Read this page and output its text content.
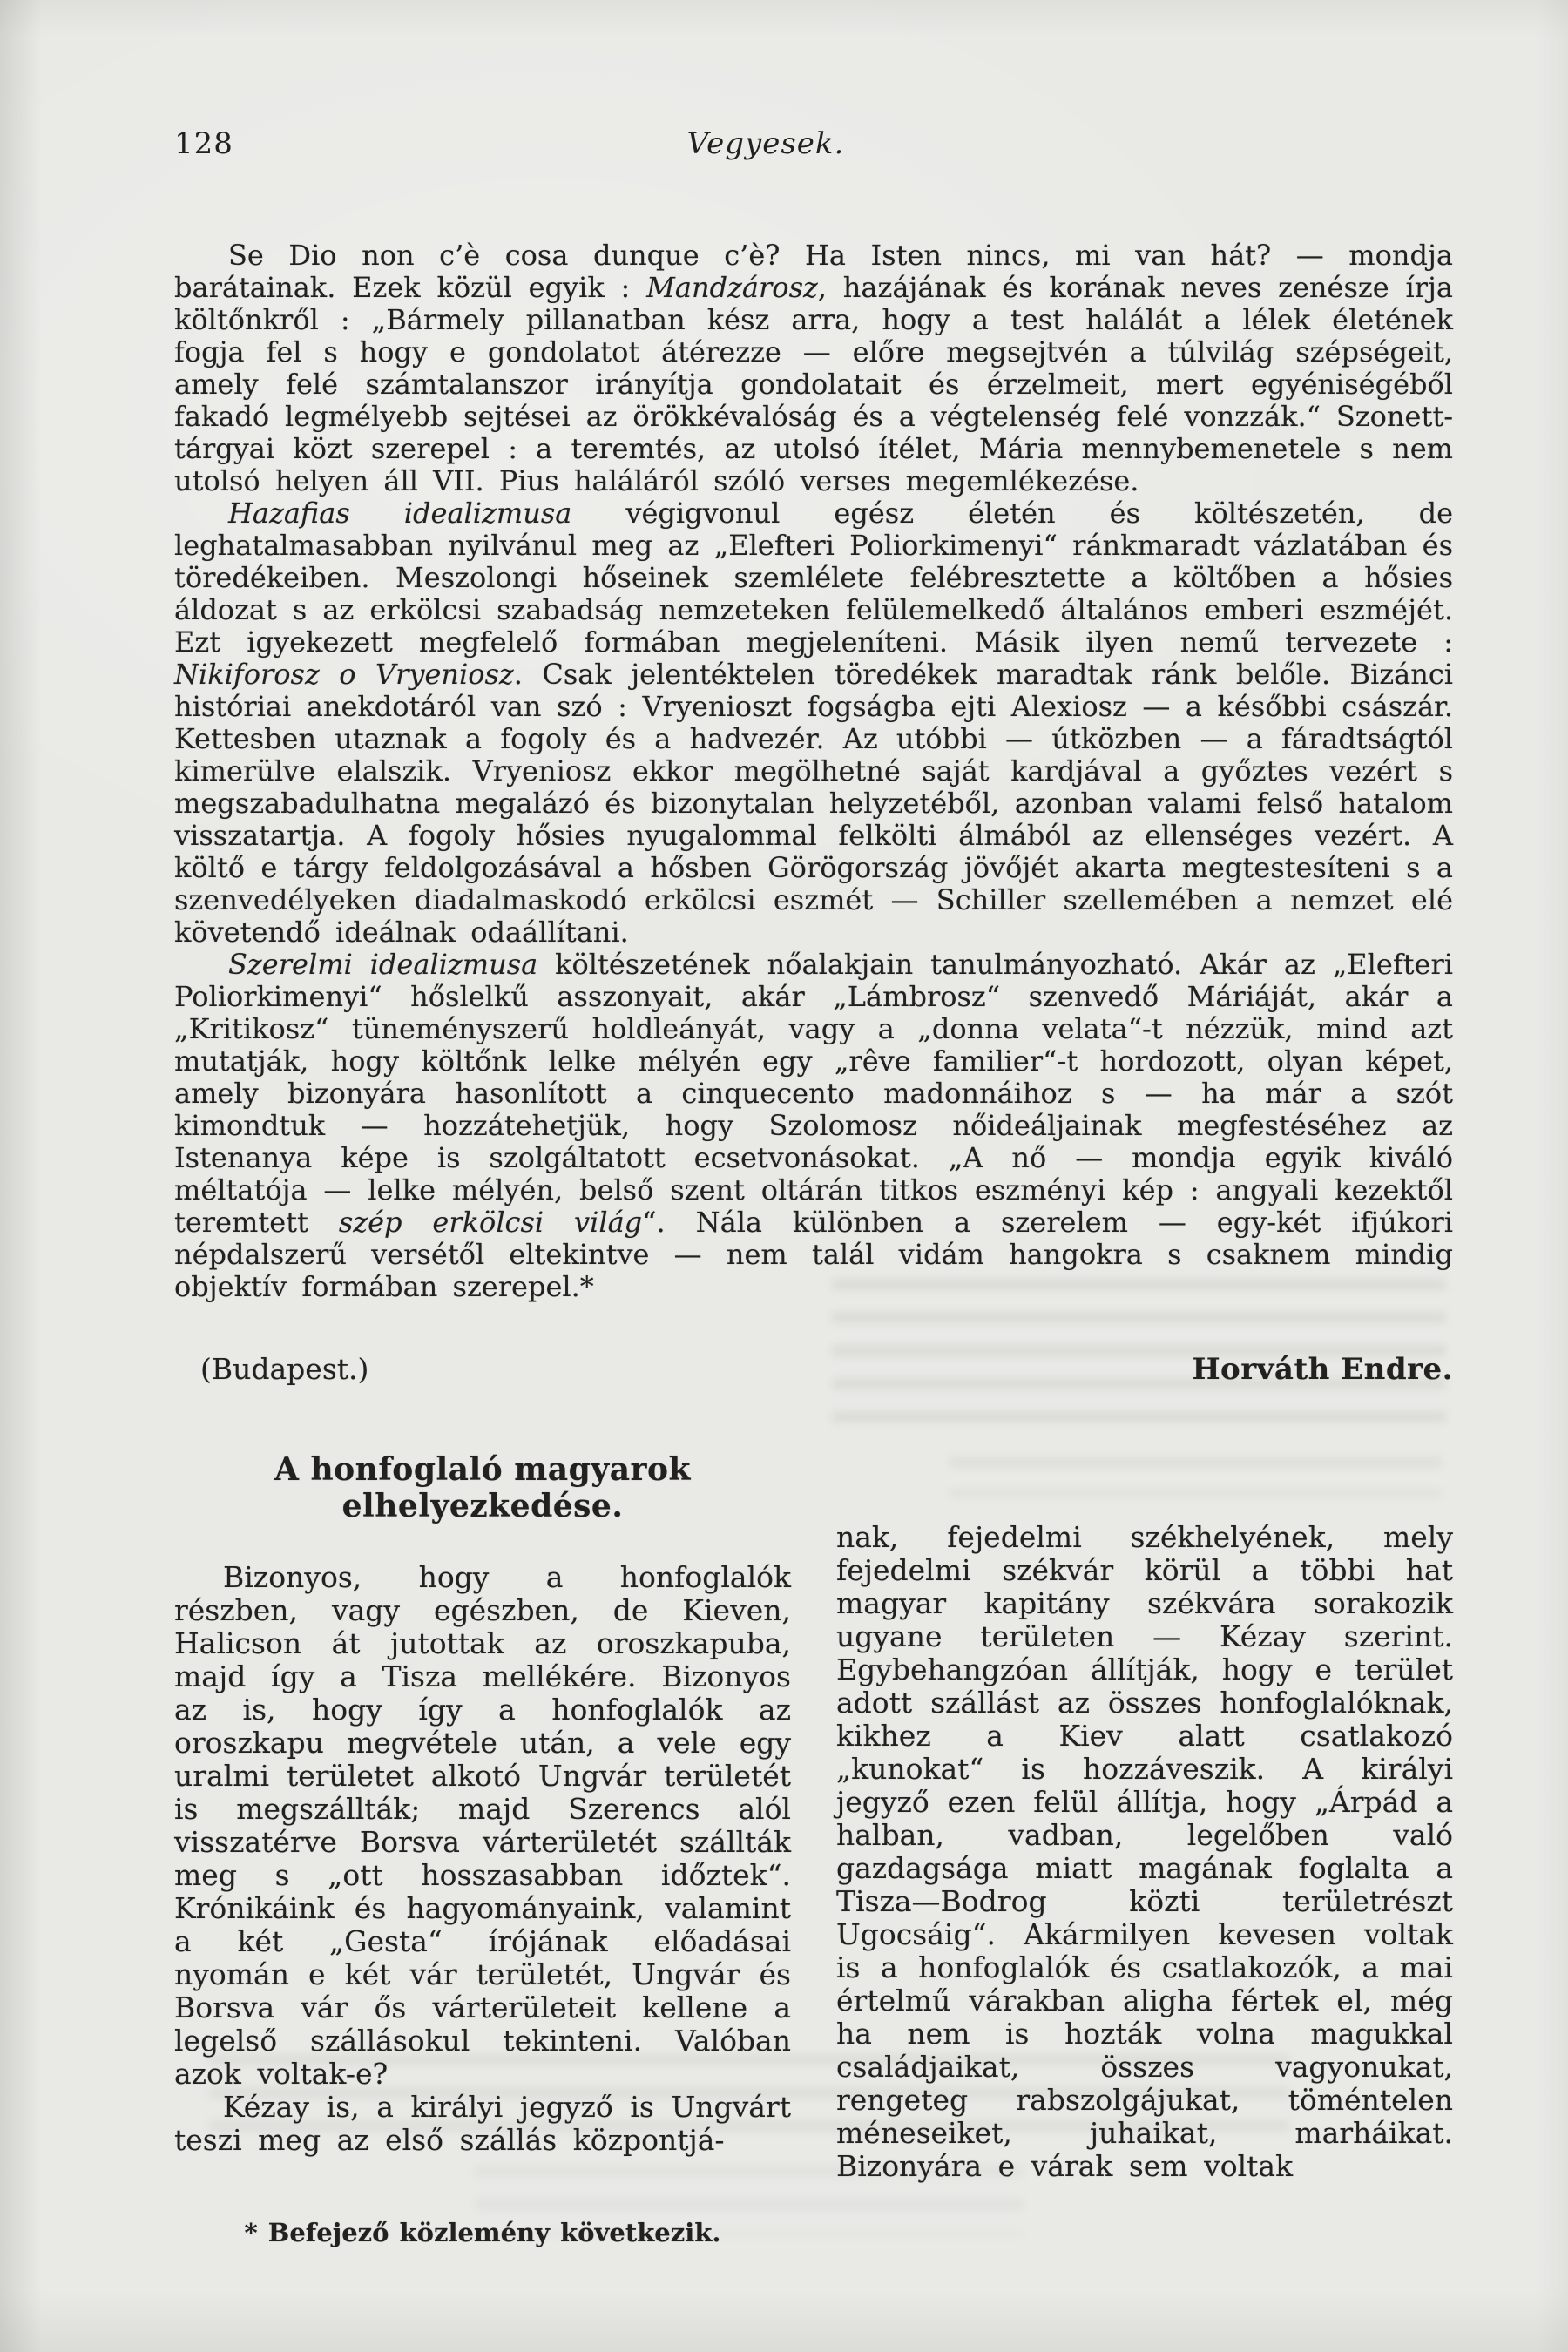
128	Vegyesek.

Se Dio non c’è cosa dunque c’è? Ha Isten nincs, mi van hát? — mondja barátainak. Ezek közül egyik : Mandzárosz, hazájának és korának neves zenésze írja költőnkről : „Bármely pillanatban kész arra, hogy a test halálát a lélek életének fogja fel s hogy e gondolatot átérezze — előre megsejtvén a túlvilág szépségeit, amely felé számtalanszor irányítja gondolatait és érzelmeit, mert egyéniségéből fakadó legmélyebb sejtései az örökkévalóság és a végtelenség felé vonzzák.“ Szonett-tárgyai közt szerepel : a teremtés, az utolsó ítélet, Mária mennybemenetele s nem utolsó helyen áll VII. Pius haláláról szóló verses megemlékezése.

Hazafias idealizmusa végigvonul egész életén és költészetén, de leghatalmasabban nyilvánul meg az „Elefteri Poliorkimenyi“ ránkmaradt vázlatában és töredékeiben. Meszolongi hőseinek szemlélete felébresztette a költőben a hősies áldozat s az erkölcsi szabadság nemzeteken felülemelkedő általános emberi eszméjét. Ezt igyekezett megfelelő formában megjeleníteni. Másik ilyen nemű tervezete : Nikiforosz o Vryeniosz. Csak jelentéktelen töredékek maradtak ránk belőle. Bizánci históriai anekdotáról van szó : Vryenioszt fogságba ejti Alexiosz — a későbbi császár. Kettesben utaznak a fogoly és a hadvezér. Az utóbbi — útközben — a fáradtságtól kimerülve elalszik. Vryeniosz ekkor megölhetné saját kardjával a győztes vezért s megszabadulhatna megalázó és bizonytalan helyzetéből, azonban valami felső hatalom visszatartja. A fogoly hősies nyugalommal felkölti álmából az ellenséges vezért. A költő e tárgy feldolgozásával a hősben Görögország jövőjét akarta megtestesíteni s a szenvedélyeken diadalmaskodó erkölcsi eszmét — Schiller szellemében a nemzet elé követendő ideálnak odaállítani.

Szerelmi idealizmusa költészetének nőalakjain tanulmányozható. Akár az „Elefteri Poliorkimenyi“ hőslelkű asszonyait, akár „Lámbrosz“ szenvedő Máriáját, akár a „Kritikosz“ tüneményszerű holdleányát, vagy a „donna velata“-t nézzük, mind azt mutatják, hogy költőnk lelke mélyén egy „rêve familier“-t hordozott, olyan képet, amely bizonyára hasonlított a cinquecento madonnáihoz s — ha már a szót kimondtuk — hozzátehetjük, hogy Szolomosz nőideáljainak megfestéséhez az Istenanya képe is szolgáltatott ecsetvonásokat. „A nő — mondja egyik kiváló méltatója — lelke mélyén, belső szent oltárán titkos eszményi kép : angyali kezektől teremtett szép erkölcsi világ“. Nála különben a szerelem — egy-két ifjúkori népdalszerű versétől eltekintve — nem talál vidám hangokra s csaknem mindig objektív formában szerepel.*

(Budapest.)	Horváth Endre.
A honfoglaló magyarok elhelyezkedése.

Bizonyos, hogy a honfoglalók részben, vagy egészben, de Kieven, Halicson át jutottak az oroszkapuba, majd így a Tisza mellékére. Bizonyos az is, hogy így a honfoglalók az oroszkapu megvétele után, a vele egy uralmi területet alkotó Ungvár területét is megszállták; majd Szerencs alól visszatérve Borsva várterületét szállták meg s „ott hosszasabban időztek“. Krónikáink és hagyományaink, valamint a két „Gesta“ írójának előadásai nyomán e két vár területét, Ungvár és Borsva vár ős várterületeit kellene a legelső szállásokul tekinteni. Valóban azok voltak-e?

Kézay is, a királyi jegyző is Ungvárt teszi meg az első szállás központjá-

* Befejező közlemény következik.

nak, fejedelmi székhelyének, mely fejedelmi székvár körül a többi hat magyar kapitány székvára sorakozik ugyane területen — Kézay szerint. Egybehangzóan állítják, hogy e terület adott szállást az összes honfoglalóknak, kikhez a Kiev alatt csatlakozó „kunokat“ is hozzáveszik. A királyi jegyző ezen felül állítja, hogy „Árpád a halban, vadban, legelőben való gazdagsága miatt magának foglalta a Tisza—Bodrog közti területrészt Ugocsáig“. Akármilyen kevesen voltak is a honfoglalók és csatlakozók, a mai értelmű várakban aligha fértek el, még ha nem is hozták volna magukkal családjaikat, összes vagyonukat, rengeteg rabszolgájukat, töméntelen méneseiket, juhaikat, marháikat. Bizonyára e várak sem voltak
